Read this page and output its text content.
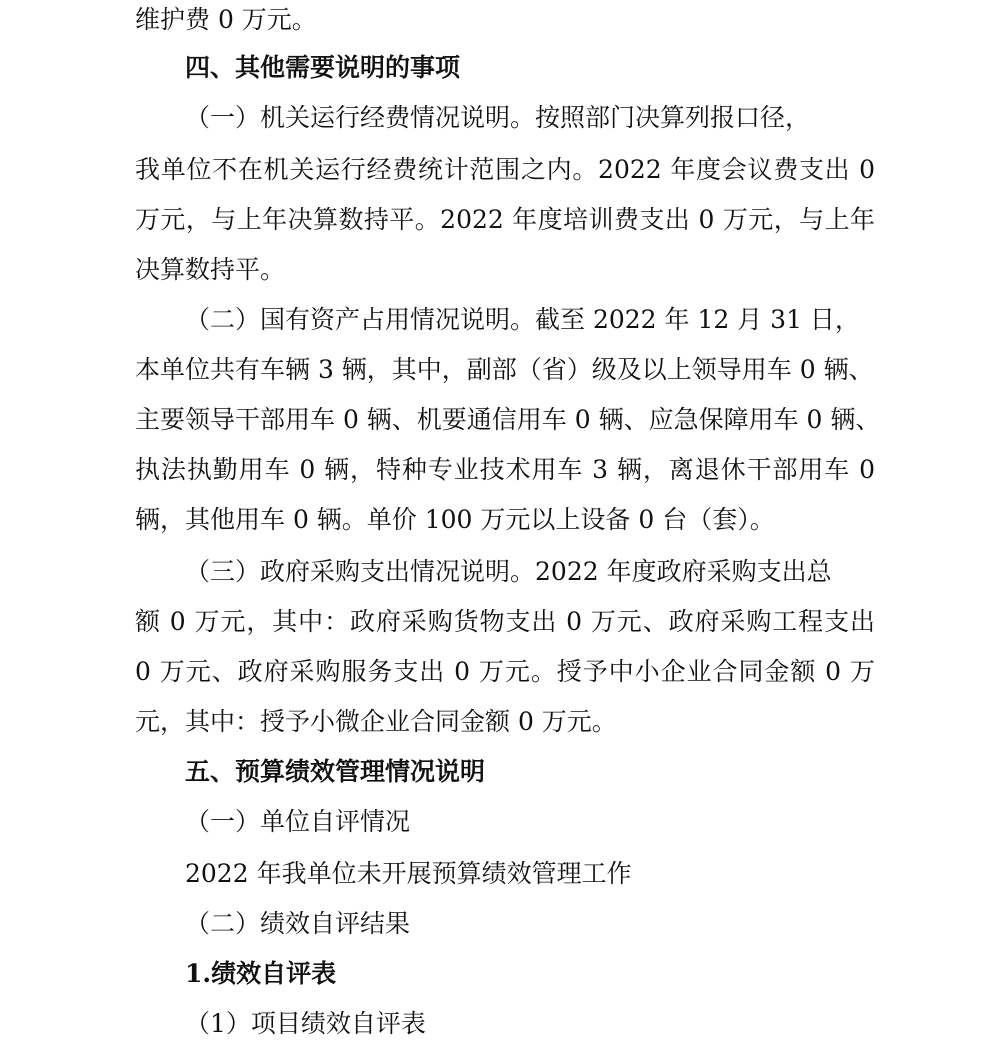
维护费 0 万元。
四、其他需要说明的事项
（一）机关运行经费情况说明。按照部门决算列报口径，
我单位不在机关运行经费统计范围之内。2022 年度会议费支出 0
万元，与上年决算数持平。2022 年度培训费支出 0 万元，与上年
决算数持平。
（二）国有资产占用情况说明。截至 2022 年 12 月 31 日，
本单位共有车辆 3 辆，其中，副部（省）级及以上领导用车 0 辆、
主要领导干部用车 0 辆、机要通信用车 0 辆、应急保障用车 0 辆、
执法执勤用车 0 辆，特种专业技术用车 3 辆，离退休干部用车 0
辆，其他用车 0 辆。单价 100 万元以上设备 0 台（套）。
（三）政府采购支出情况说明。2022 年度政府采购支出总
额 0 万元，其中：政府采购货物支出 0 万元、政府采购工程支出
0 万元、政府采购服务支出 0 万元。授予中小企业合同金额 0 万
元，其中：授予小微企业合同金额 0 万元。
五、预算绩效管理情况说明
（一）单位自评情况
2022 年我单位未开展预算绩效管理工作
（二）绩效自评结果
1.绩效自评表
（1）项目绩效自评表
